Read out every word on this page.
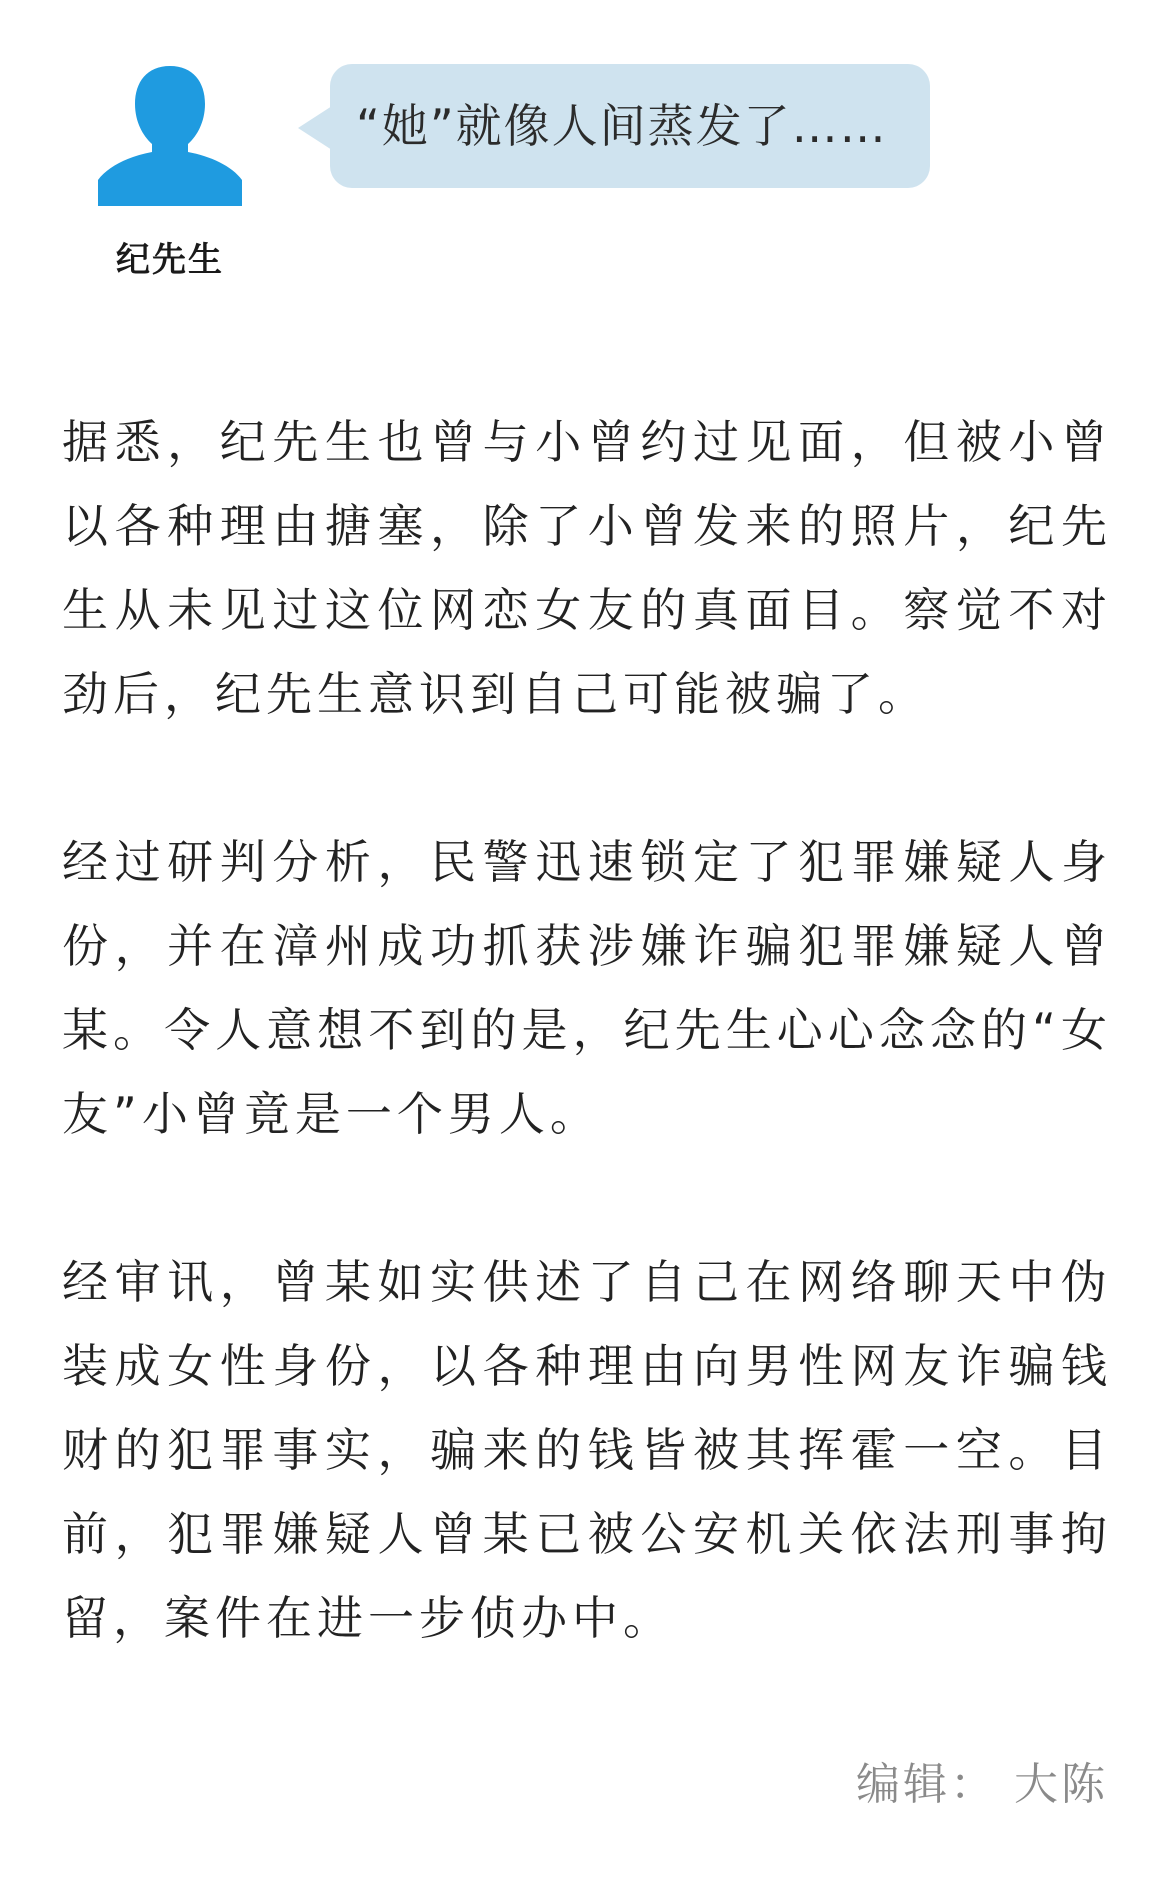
纪先生
“她”就像人间蒸发了……

据悉，纪先生也曾与小曾约过见面，但被小曾以各种理由搪塞，除了小曾发来的照片，纪先生从未见过这位网恋女友的真面目。察觉不对劲后，纪先生意识到自己可能被骗了。

经过研判分析，民警迅速锁定了犯罪嫌疑人身份，并在漳州成功抓获涉嫌诈骗犯罪嫌疑人曾某。令人意想不到的是，纪先生心心念念的“女友”小曾竟是一个男人。

经审讯，曾某如实供述了自己在网络聊天中伪装成女性身份，以各种理由向男性网友诈骗钱财的犯罪事实，骗来的钱皆被其挥霍一空。目前，犯罪嫌疑人曾某已被公安机关依法刑事拘留，案件在进一步侦办中。

编辑： 大陈
